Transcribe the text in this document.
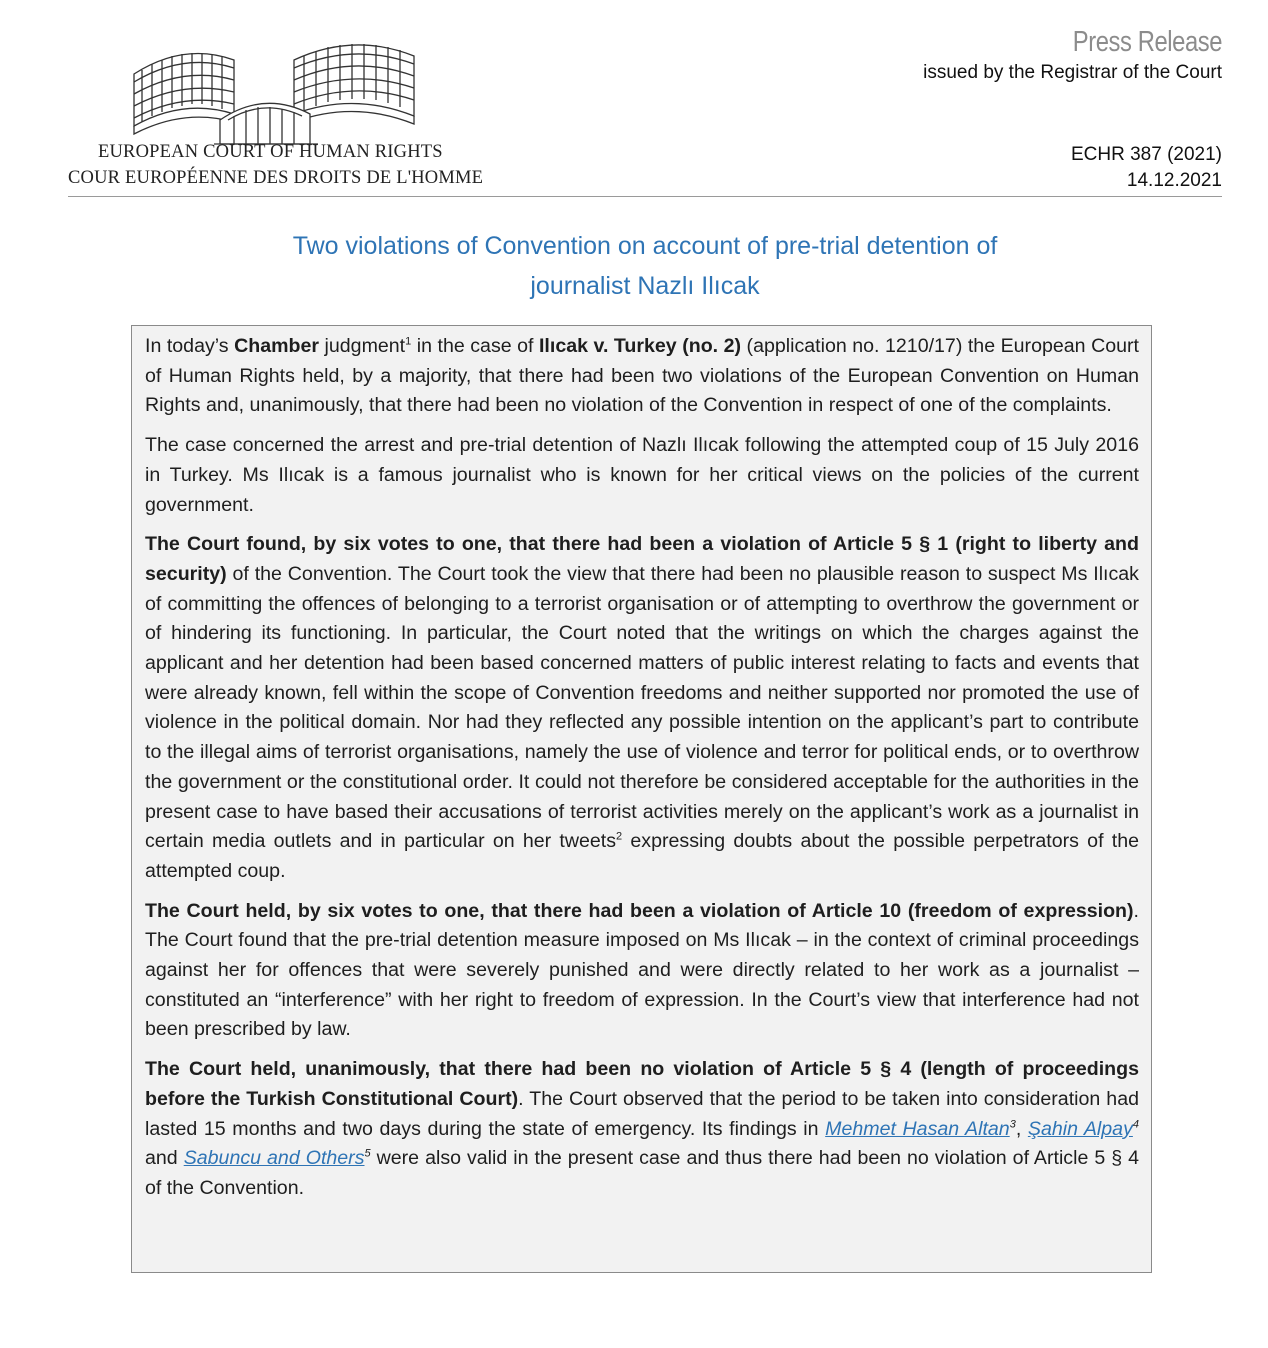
EUROPEAN COURT OF HUMAN RIGHTS
COUR EUROPÉENNE DES DROITS DE L'HOMME
Press Release
issued by the Registrar of the Court
ECHR 387 (2021)
14.12.2021
Two violations of Convention on account of pre-trial detention of
journalist Nazlı Ilıcak

In today’s Chamber judgment$^1$ in the case of Ilıcak v. Turkey (no. 2) (application no. 1210/17) the European Court of Human Rights held, by a majority, that there had been two violations of the European Convention on Human Rights and, unanimously, that there had been no violation of the Convention in respect of one of the complaints.

The case concerned the arrest and pre-trial detention of Nazlı Ilıcak following the attempted coup of 15 July 2016 in Turkey. Ms Ilıcak is a famous journalist who is known for her critical views on the policies of the current government.

The Court found, by six votes to one, that there had been a violation of Article 5 § 1 (right to liberty and security) of the Convention. The Court took the view that there had been no plausible reason to suspect Ms Ilıcak of committing the offences of belonging to a terrorist organisation or of attempting to overthrow the government or of hindering its functioning. In particular, the Court noted that the writings on which the charges against the applicant and her detention had been based concerned matters of public interest relating to facts and events that were already known, fell within the scope of Convention freedoms and neither supported nor promoted the use of violence in the political domain. Nor had they reflected any possible intention on the applicant’s part to contribute to the illegal aims of terrorist organisations, namely the use of violence and terror for political ends, or to overthrow the government or the constitutional order. It could not therefore be considered acceptable for the authorities in the present case to have based their accusations of terrorist activities merely on the applicant’s work as a journalist in certain media outlets and in particular on her tweets$^2$ expressing doubts about the possible perpetrators of the attempted coup.

The Court held, by six votes to one, that there had been a violation of Article 10 (freedom of expression). The Court found that the pre-trial detention measure imposed on Ms Ilıcak – in the context of criminal proceedings against her for offences that were severely punished and were directly related to her work as a journalist – constituted an “interference” with her right to freedom of expression. In the Court’s view that interference had not been prescribed by law.

The Court held, unanimously, that there had been no violation of Article 5 § 4 (length of proceedings before the Turkish Constitutional Court). The Court observed that the period to be taken into consideration had lasted 15 months and two days during the state of emergency. Its findings in Mehmet Hasan Altan$^3$, Şahin Alpay$^4$ and Sabuncu and Others$^5$ were also valid in the present case and thus there had been no violation of Article 5 § 4 of the Convention.
